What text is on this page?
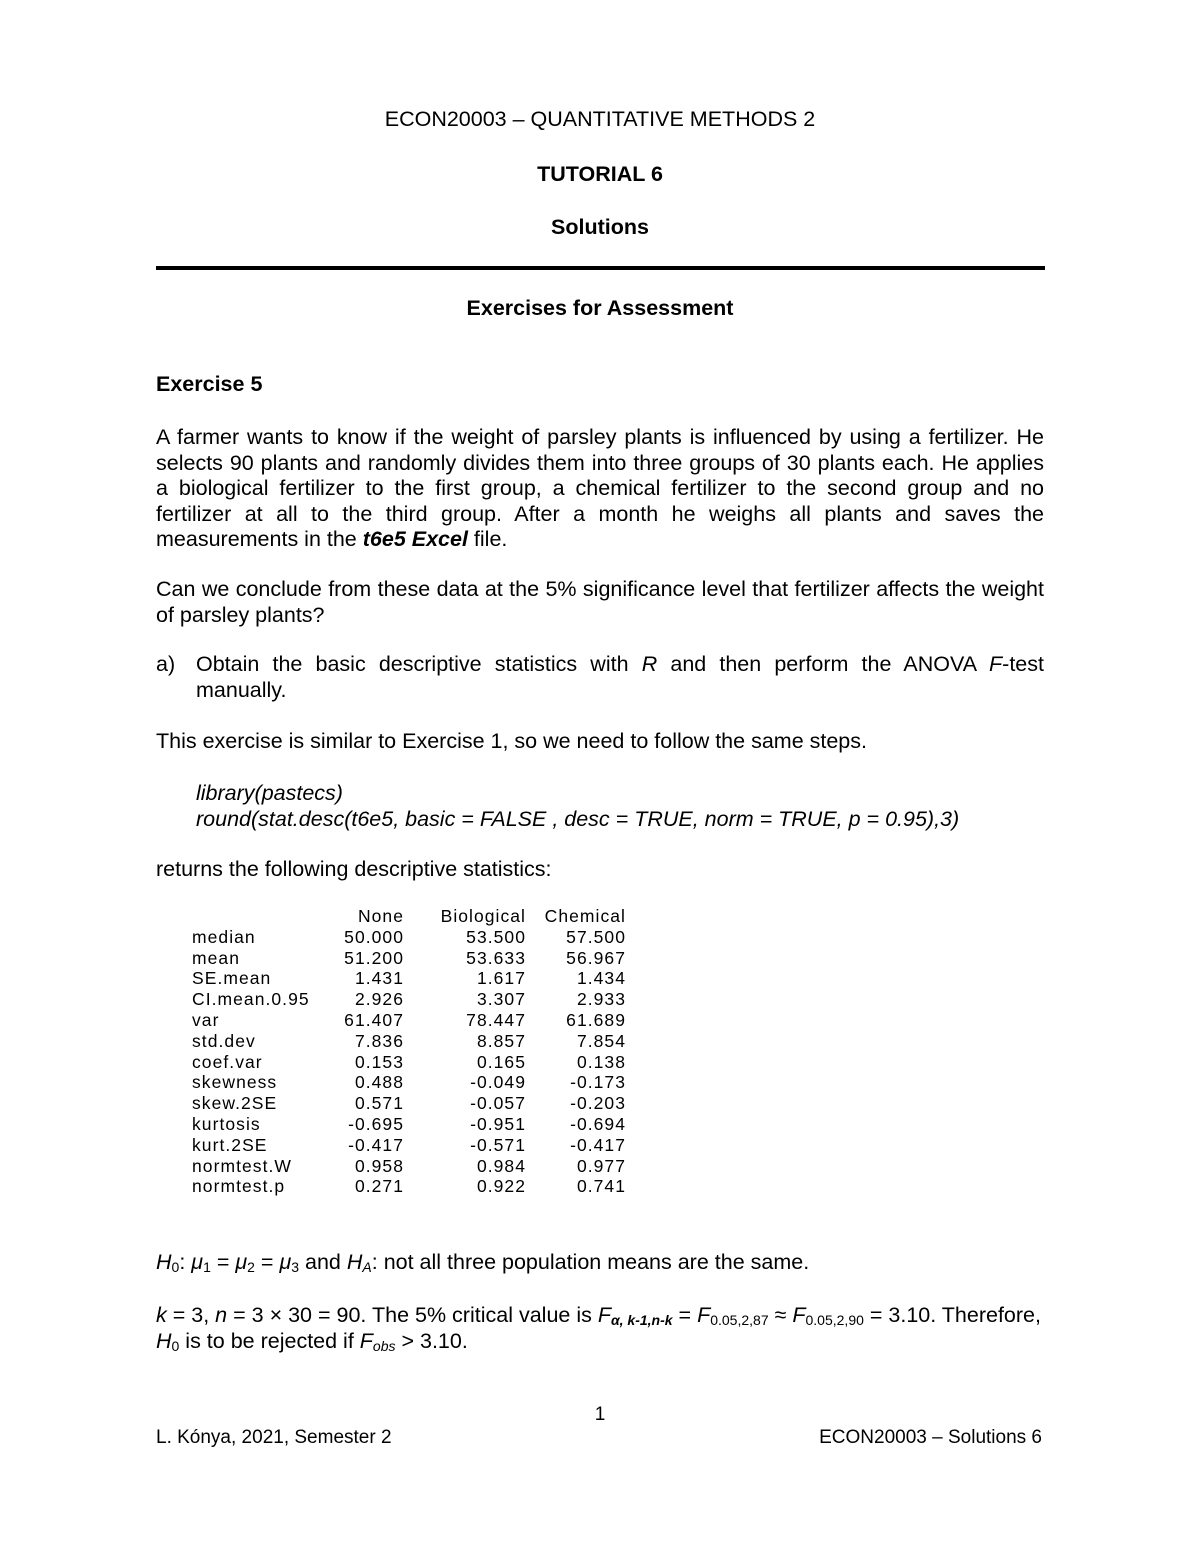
ECON20003 – QUANTITATIVE METHODS 2
TUTORIAL 6
Solutions
Exercises for Assessment
Exercise 5
A farmer wants to know if the weight of parsley plants is influenced by using a fertilizer. He selects 90 plants and randomly divides them into three groups of 30 plants each. He applies a biological fertilizer to the first group, a chemical fertilizer to the second group and no fertilizer at all to the third group. After a month he weighs all plants and saves the measurements in the t6e5 Excel file.
Can we conclude from these data at the 5% significance level that fertilizer affects the weight of parsley plants?
a) Obtain the basic descriptive statistics with R and then perform the ANOVA F-test manually.
This exercise is similar to Exercise 1, so we need to follow the same steps.
library(pastecs)
round(stat.desc(t6e5, basic = FALSE , desc = TRUE, norm = TRUE, p = 0.95),3)
returns the following descriptive statistics:
	None	Biological	Chemical
median	50.000	53.500	57.500
mean	51.200	53.633	56.967
SE.mean	1.431	1.617	1.434
CI.mean.0.95	2.926	3.307	2.933
var	61.407	78.447	61.689
std.dev	7.836	8.857	7.854
coef.var	0.153	0.165	0.138
skewness	0.488	-0.049	-0.173
skew.2SE	0.571	-0.057	-0.203
kurtosis	-0.695	-0.951	-0.694
kurt.2SE	-0.417	-0.571	-0.417
normtest.W	0.958	0.984	0.977
normtest.p	0.271	0.922	0.741
$H_0$: $\mu_1 = \mu_2 = \mu_3$ and $H_A$: not all three population means are the same.
k = 3, n = 3 × 30 = 90. The 5% critical value is $F_{\alpha, k-1,n-k} = F_{0.05,2,87} \approx F_{0.05,2,90} = 3.10$. Therefore,
$H_0$ is to be rejected if $F_{obs} > 3.10$.
1
L. Kónya, 2021, Semester 2	ECON20003 – Solutions 6
